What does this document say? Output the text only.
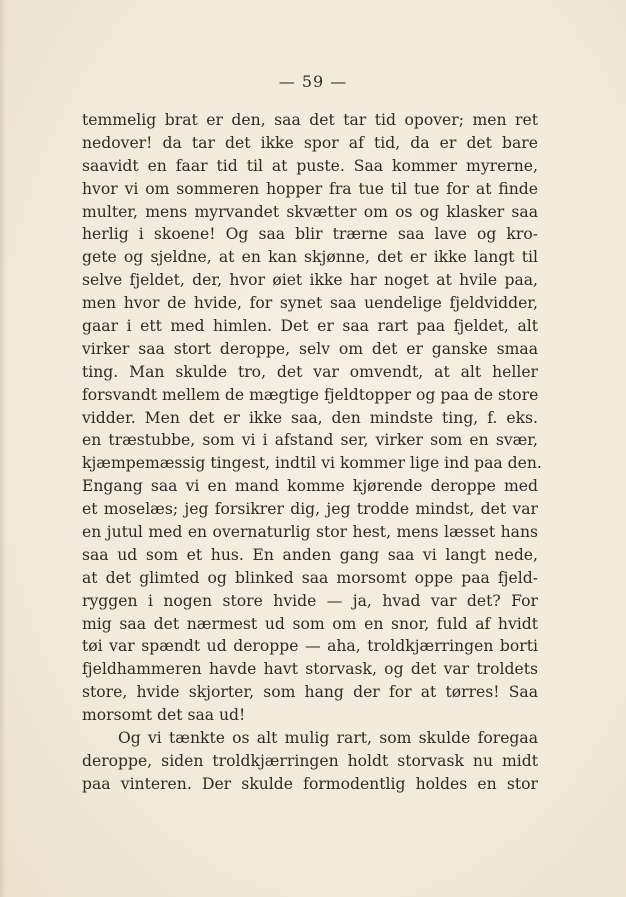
— 59 —
temmelig brat er den, saa det tar tid opover; men ret
nedover! da tar det ikke spor af tid, da er det bare
saavidt en faar tid til at puste. Saa kommer myrerne,
hvor vi om sommeren hopper fra tue til tue for at finde
multer, mens myrvandet skvætter om os og klasker saa
herlig i skoene! Og saa blir trærne saa lave og kro-
gete og sjeldne, at en kan skjønne, det er ikke langt til
selve fjeldet, der, hvor øiet ikke har noget at hvile paa,
men hvor de hvide, for synet saa uendelige fjeldvidder,
gaar i ett med himlen. Det er saa rart paa fjeldet, alt
virker saa stort deroppe, selv om det er ganske smaa
ting. Man skulde tro, det var omvendt, at alt heller
forsvandt mellem de mægtige fjeldtopper og paa de store
vidder. Men det er ikke saa, den mindste ting, f. eks.
en træstubbe, som vi i afstand ser, virker som en svær,
kjæmpemæssig tingest, indtil vi kommer lige ind paa den.
Engang saa vi en mand komme kjørende deroppe med
et moselæs; jeg forsikrer dig, jeg trodde mindst, det var
en jutul med en overnaturlig stor hest, mens læsset hans
saa ud som et hus. En anden gang saa vi langt nede,
at det glimted og blinked saa morsomt oppe paa fjeld-
ryggen i nogen store hvide — ja, hvad var det? For
mig saa det nærmest ud som om en snor, fuld af hvidt
tøi var spændt ud deroppe — aha, troldkjærringen borti
fjeldhammeren havde havt storvask, og det var troldets
store, hvide skjorter, som hang der for at tørres! Saa
morsomt det saa ud!
Og vi tænkte os alt mulig rart, som skulde foregaa
deroppe, siden troldkjærringen holdt storvask nu midt
paa vinteren. Der skulde formodentlig holdes en stor
